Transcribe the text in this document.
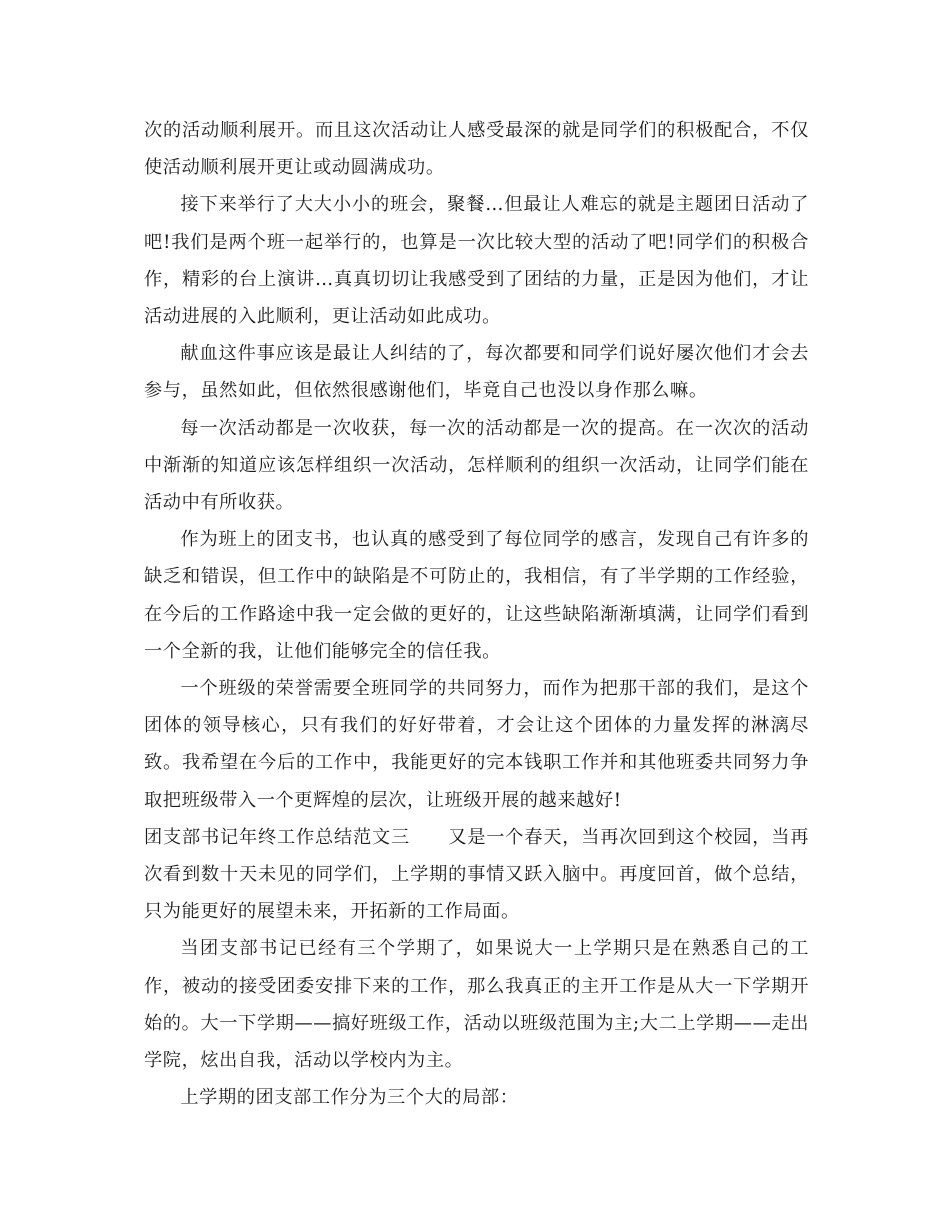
次的活动顺利展开。而且这次活动让人感受最深的就是同学们的积极配合，不仅使活动顺利展开更让或动圆满成功。

接下来举行了大大小小的班会，聚餐…但最让人难忘的就是主题团日活动了吧!我们是两个班一起举行的，也算是一次比较大型的活动了吧!同学们的积极合作，精彩的台上演讲…真真切切让我感受到了团结的力量，正是因为他们，才让活动进展的入此顺利，更让活动如此成功。

献血这件事应该是最让人纠结的了，每次都要和同学们说好屡次他们才会去参与，虽然如此，但依然很感谢他们，毕竟自己也没以身作那么嘛。

每一次活动都是一次收获，每一次的活动都是一次的提高。在一次次的活动中渐渐的知道应该怎样组织一次活动，怎样顺利的组织一次活动，让同学们能在活动中有所收获。

作为班上的团支书，也认真的感受到了每位同学的感言，发现自己有许多的缺乏和错误，但工作中的缺陷是不可防止的，我相信，有了半学期的工作经验，在今后的工作路途中我一定会做的更好的，让这些缺陷渐渐填满，让同学们看到一个全新的我，让他们能够完全的信任我。

一个班级的荣誉需要全班同学的共同努力，而作为把那干部的我们，是这个团体的领导核心，只有我们的好好带着，才会让这个团体的力量发挥的淋漓尽致。我希望在今后的工作中，我能更好的完本钱职工作并和其他班委共同努力争取把班级带入一个更辉煌的层次，让班级开展的越来越好!

团支部书记年终工作总结范文三 又是一个春天，当再次回到这个校园，当再次看到数十天未见的同学们，上学期的事情又跃入脑中。再度回首，做个总结，只为能更好的展望未来，开拓新的工作局面。

当团支部书记已经有三个学期了，如果说大一上学期只是在熟悉自己的工作，被动的接受团委安排下来的工作，那么我真正的主开工作是从大一下学期开始的。大一下学期——搞好班级工作，活动以班级范围为主;大二上学期——走出学院，炫出自我，活动以学校内为主。

上学期的团支部工作分为三个大的局部：
